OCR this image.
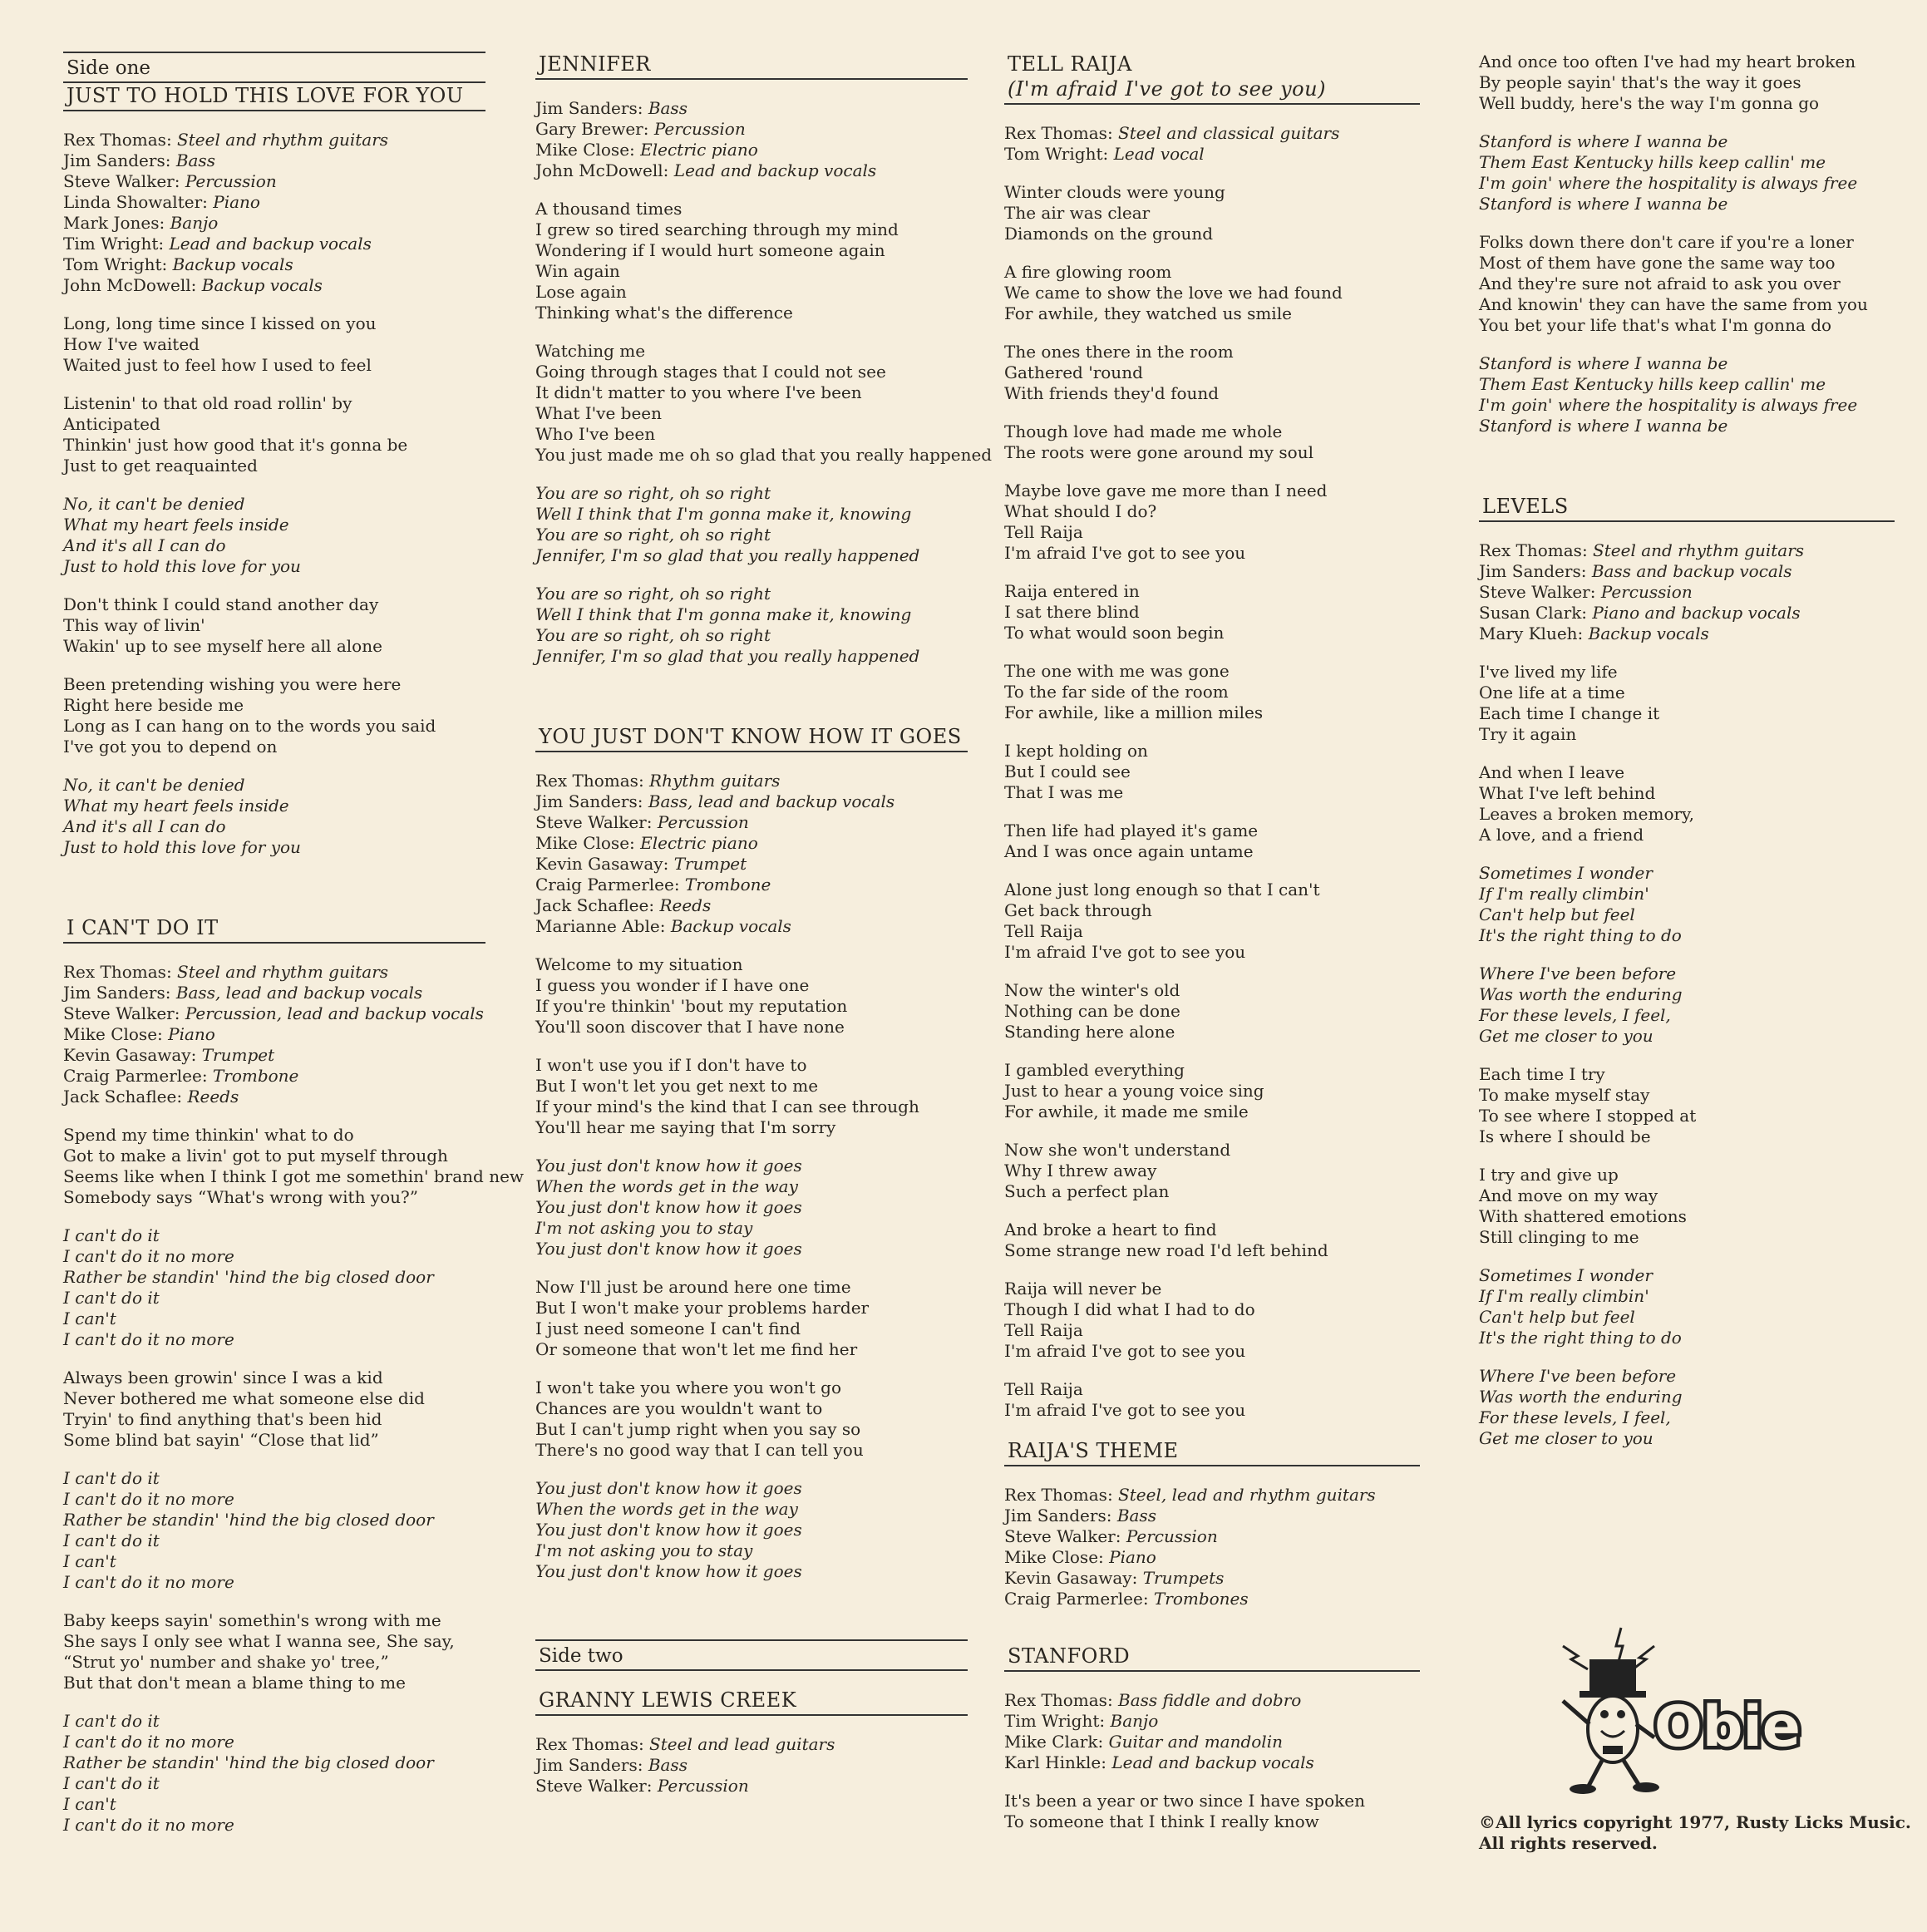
Side one
JUST TO HOLD THIS LOVE FOR YOU
Rex Thomas: Steel and rhythm guitars
Jim Sanders: Bass
Steve Walker: Percussion
Linda Showalter: Piano
Mark Jones: Banjo
Tim Wright: Lead and backup vocals
Tom Wright: Backup vocals
John McDowell: Backup vocals
Long, long time since I kissed on you
How I've waited
Waited just to feel how I used to feel
Listenin' to that old road rollin' by
Anticipated
Thinkin' just how good that it's gonna be
Just to get reaquainted
No, it can't be denied
What my heart feels inside
And it's all I can do
Just to hold this love for you
Don't think I could stand another day
This way of livin'
Wakin' up to see myself here all alone
Been pretending wishing you were here
Right here beside me
Long as I can hang on to the words you said
I've got you to depend on
No, it can't be denied
What my heart feels inside
And it's all I can do
Just to hold this love for you
I CAN'T DO IT
Rex Thomas: Steel and rhythm guitars
Jim Sanders: Bass, lead and backup vocals
Steve Walker: Percussion, lead and backup vocals
Mike Close: Piano
Kevin Gasaway: Trumpet
Craig Parmerlee: Trombone
Jack Schaflee: Reeds
Spend my time thinkin' what to do
Got to make a livin' got to put myself through
Seems like when I think I got me somethin' brand new
Somebody says “What's wrong with you?”
I can't do it
I can't do it no more
Rather be standin' 'hind the big closed door
I can't do it
I can't
I can't do it no more
Always been growin' since I was a kid
Never bothered me what someone else did
Tryin' to find anything that's been hid
Some blind bat sayin' “Close that lid”
I can't do it
I can't do it no more
Rather be standin' 'hind the big closed door
I can't do it
I can't
I can't do it no more
Baby keeps sayin' somethin's wrong with me
She says I only see what I wanna see, She say,
“Strut yo' number and shake yo' tree,”
But that don't mean a blame thing to me
I can't do it
I can't do it no more
Rather be standin' 'hind the big closed door
I can't do it
I can't
I can't do it no more
JENNIFER
Jim Sanders: Bass
Gary Brewer: Percussion
Mike Close: Electric piano
John McDowell: Lead and backup vocals
A thousand times
I grew so tired searching through my mind
Wondering if I would hurt someone again
Win again
Lose again
Thinking what's the difference
Watching me
Going through stages that I could not see
It didn't matter to you where I've been
What I've been
Who I've been
You just made me oh so glad that you really happened
You are so right, oh so right
Well I think that I'm gonna make it, knowing
You are so right, oh so right
Jennifer, I'm so glad that you really happened
You are so right, oh so right
Well I think that I'm gonna make it, knowing
You are so right, oh so right
Jennifer, I'm so glad that you really happened
YOU JUST DON'T KNOW HOW IT GOES
Rex Thomas: Rhythm guitars
Jim Sanders: Bass, lead and backup vocals
Steve Walker: Percussion
Mike Close: Electric piano
Kevin Gasaway: Trumpet
Craig Parmerlee: Trombone
Jack Schaflee: Reeds
Marianne Able: Backup vocals
Welcome to my situation
I guess you wonder if I have one
If you're thinkin' 'bout my reputation
You'll soon discover that I have none
I won't use you if I don't have to
But I won't let you get next to me
If your mind's the kind that I can see through
You'll hear me saying that I'm sorry
You just don't know how it goes
When the words get in the way
You just don't know how it goes
I'm not asking you to stay
You just don't know how it goes
Now I'll just be around here one time
But I won't make your problems harder
I just need someone I can't find
Or someone that won't let me find her
I won't take you where you won't go
Chances are you wouldn't want to
But I can't jump right when you say so
There's no good way that I can tell you
You just don't know how it goes
When the words get in the way
You just don't know how it goes
I'm not asking you to stay
You just don't know how it goes
Side two
GRANNY LEWIS CREEK
Rex Thomas: Steel and lead guitars
Jim Sanders: Bass
Steve Walker: Percussion
TELL RAIJA
(I'm afraid I've got to see you)
Rex Thomas: Steel and classical guitars
Tom Wright: Lead vocal
Winter clouds were young
The air was clear
Diamonds on the ground
A fire glowing room
We came to show the love we had found
For awhile, they watched us smile
The ones there in the room
Gathered 'round
With friends they'd found
Though love had made me whole
The roots were gone around my soul
Maybe love gave me more than I need
What should I do?
Tell Raija
I'm afraid I've got to see you
Raija entered in
I sat there blind
To what would soon begin
The one with me was gone
To the far side of the room
For awhile, like a million miles
I kept holding on
But I could see
That I was me
Then life had played it's game
And I was once again untame
Alone just long enough so that I can't
Get back through
Tell Raija
I'm afraid I've got to see you
Now the winter's old
Nothing can be done
Standing here alone
I gambled everything
Just to hear a young voice sing
For awhile, it made me smile
Now she won't understand
Why I threw away
Such a perfect plan
And broke a heart to find
Some strange new road I'd left behind
Raija will never be
Though I did what I had to do
Tell Raija
I'm afraid I've got to see you
Tell Raija
I'm afraid I've got to see you
RAIJA'S THEME
Rex Thomas: Steel, lead and rhythm guitars
Jim Sanders: Bass
Steve Walker: Percussion
Mike Close: Piano
Kevin Gasaway: Trumpets
Craig Parmerlee: Trombones
STANFORD
Rex Thomas: Bass fiddle and dobro
Tim Wright: Banjo
Mike Clark: Guitar and mandolin
Karl Hinkle: Lead and backup vocals
It's been a year or two since I have spoken
To someone that I think I really know
And once too often I've had my heart broken
By people sayin' that's the way it goes
Well buddy, here's the way I'm gonna go
Stanford is where I wanna be
Them East Kentucky hills keep callin' me
I'm goin' where the hospitality is always free
Stanford is where I wanna be
Folks down there don't care if you're a loner
Most of them have gone the same way too
And they're sure not afraid to ask you over
And knowin' they can have the same from you
You bet your life that's what I'm gonna do
Stanford is where I wanna be
Them East Kentucky hills keep callin' me
I'm goin' where the hospitality is always free
Stanford is where I wanna be
LEVELS
Rex Thomas: Steel and rhythm guitars
Jim Sanders: Bass and backup vocals
Steve Walker: Percussion
Susan Clark: Piano and backup vocals
Mary Klueh: Backup vocals
I've lived my life
One life at a time
Each time I change it
Try it again
And when I leave
What I've left behind
Leaves a broken memory,
A love, and a friend
Sometimes I wonder
If I'm really climbin'
Can't help but feel
It's the right thing to do
Where I've been before
Was worth the enduring
For these levels, I feel,
Get me closer to you
Each time I try
To make myself stay
To see where I stopped at
Is where I should be
I try and give up
And move on my way
With shattered emotions
Still clinging to me
Sometimes I wonder
If I'm really climbin'
Can't help but feel
It's the right thing to do
Where I've been before
Was worth the enduring
For these levels, I feel,
Get me closer to you
Obie
©All lyrics copyright 1977, Rusty Licks Music.
All rights reserved.
